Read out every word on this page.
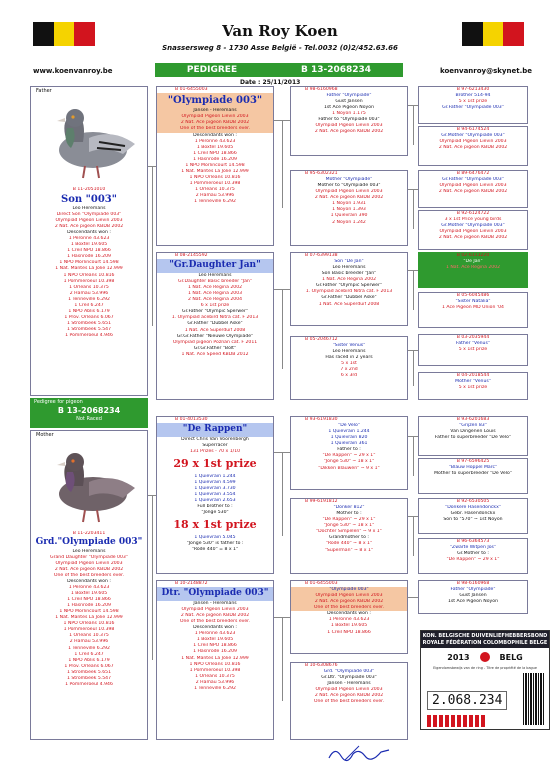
Van Roy Koen
Snassersweg 8 - 1730 Asse België - Tel.0032 (0)2/452.63.66
www.koenvanroy.be	koenvanroy@skynet.be
PEDIGREE	B 13-2068234
Date : 25/11/2013
Father
B 11-2051010
Son "003"
Leo Heremans
Direct Son "Olympiade 003"
Olympiad Pigeon Lievin 2003
2 Nat. Ace pigeon KBDB 2002
Descendants won :
1 Peronne 43.623
1 Boxtel 19.605
1 Creil NPO 18.866
1 Hasnrode 16.209
1 NPO Morlincourt 14.598
1 Nat. Mantes La Jolie 12.999
1 NPO Orleans 10.816
1 Pommeroeul 10.398
1 Orleans 10.375
2 Hamau 53.996
1 Tenneville 6.292
1 Creil 6.247
1 NPO Ablis 6.179
1 Prov. Orleans 6.067
1 Strombeek 5.651
1 Strombeek 5.547
1 Pommeroeul 4.946
Pedigree for pigeon
B 13-2068234
Not Raced
Mother
B 11-2203411
Grd."Olympiade 003"
Leo Heremans
Grand Daughter "Olympiade 003"
Olympiad Pigeon Lievin 2003
2 Nat. Ace pigeon KBDB 2002
One of the best breeders ever.
Descendants won :
1 Peronne 43.623
1 Boxtel 19.605
1 Creil NPO 18.866
1 Hasnrode 16.209
1 NPO Morlincourt 14.598
1 Nat. Mantes La Jolie 12.999
1 NPO Orleans 10.816
1 Pommeroeul 10.398
1 Orleans 10.375
2 Hamau 53.996
1 Tenneville 6.292
1 Creil 6.247
1 NPO Ablis 6.179
1 Prov. Orleans 6.067
1 Strombeek 5.651
1 Strombeek 5.547
1 Pommeroeul 4.946
B 01-6455003
"Olympiade 003"
Jansen - Heremans
Olympiad Pigeon Lievin 2003
2 Nat. Ace pigeon KBDB 2002
One of the best breeders ever.
Descendants won :
1 Peronne 43.623
1 Boxtel 19.605
1 Creil NPO 18.866
1 Hasnrode 16.209
1 NPO Morlincourt 14.598
1 Nat. Mantes La Jolie 12.999
1 NPO Orleans 10.816
1 Pommeroeul 10.398
1 Orleans 10.375
2 Hamau 53.996
1 Tenneville 6.292
B 08-2145592
"Gr.Daughter Jan"
Leo Heremans
Gr.Daughter Basic breeder "Jan"
1 Nat. Ace Regina 2002
1 Nat. Ace Regina 2003
2 Nat. Ace Regina 2004
6 x 1st prize
Gr.Father "Olympic Sperwer"
1. Olympiad acebird Nitra cat. F 2013
Gr.Father "Dubbel Aske"
1 Nat. Ace Superduif 2008
Gr.Gr.Father "Nieuwe Olympiade"
Olympiad pigeon Poznan cat. F 2011
Gr.Gr.Father "Bolt"
1 Nat. Ace Speed KBDB 2012
B 01-4013530
"De Rappen"
Direct Chris Van Voorenbergh
Superracer
131 Prizes - 70 x 1/10
29 x 1st prize
1 Quievrain 1.244
1 Quievrain 4.599
1 Quievrain 3.730
1 Quievrain 3.554
1 Quievrain 2.653
Full brother to :
"Jonge 530"
18 x 1st prize
1 Quievrain 5.045
"Jonge 530" is father to :
"Rode 440" = 8 x 1°
B 10-2148872
Dtr. "Olympiade 003"
Jansen - Heremans
Olympiad Pigeon Lievin 2003
2 Nat. Ace pigeon KBDB 2002
One of the best breeders ever.
Descendants won :
1 Peronne 43.623
1 Boxtel 19.605
1 Creil NPO 18.866
1 Hasnrode 16.209
1 Nat. Mantes La Jolie 12.999
1 NPO Orleans 10.816
1 Pommeroeul 10.398
1 Orleans 10.375
2 Hamau 53.996
1 Tenneville 6.292
B 98-6160968
Father "Olympiade"
Gust Jansen
1st Ace Pigeon Noyon
1 Noyon 1.175
Father to "Olympiade 003"
Olympiad Pigeon Lievin 2003
2 Nat. Ace pigeon KBDB 2002
B 95-6302321
Mother "Olympiade"
Mother to "Olympiade 003"
Olympiad Pigeon Lievin 2003
2 Nat. Ace pigeon KBDB 2002
1 Noyon 1.931
1 Noyon 1.393
1 Quievrain 390
2 Noyon 1.242
B 07-6399138
Son "De Jan"
Leo Heremans
Son Basic breeder "Jan"
1 Nat. Ace Regina 2002
Gr.Father "Olympic Sperwer"
1. Olympiad acebird Nitra cat. F 2013
Gr.Father "Dubbel Aske"
1 Nat. Ace Superduif 2008
B 05-2046712
"Sister Venus"
Leo Heremans
Has raced in 2 years
5 x 1st
7 x 2nd
6 x 3rd
B 93-6191830
"De Velo"
1 Quievrain 1.244
1 Quievrain 820
1 Quievrain 361
Father to :
"De Rappen" ~ 29 x 1°
"Jonge 530" ~ 18 x 1°
"Dikken Blauwen" ~ 9 x 1°
B 99-6191812
"Donker 812"
Mother to :
"De Rappen" ~ 29 x 1°
"Jonge 530" ~ 18 x 1°
"Dochter Simpelen" ~ 9 x 1°
Grandmother to :
"Rode 440" ~ 8 x 1°
"Superman" ~ 8 x 1°
B 01-6455003
"Olympiade 003"
Olympiad Pigeon Lievin 2003
2 Nat. Ace pigeon KBDB 2002
One of the best breeders ever.
Descendants won :
1 Peronne 43.623
1 Boxtel 19.605
1 Creil NPO 18.866
B 10-6308676
Grd. "Olympiade 003"
Gr.Dtr. "Olympiade 003"
Jansen - Heremans
Olympiad Pigeon Lievin 2003
2 Nat. Ace pigeon KBDB 2002
One of the best breeders ever.
B 97-6213430
Brother 514-94
5 x 1st prize
Gr.Father "Olympiade 003"
B 94-6174524
Gr.Mother "Olympiade 003"
Olympiad Pigeon Lievin 2003
2 Nat. Ace pigeon KBDB 2002
B 89-6476472
Gr.Father "Olympiade 003"
Olympiad Pigeon Lievin 2003
2 Nat. Ace pigeon KBDB 2002
B 92-6124722
3 x 1st Price young birds
Gr.Mother "Olympiade 003"
Olympiad Pigeon Lievin 2003
2 Nat. Ace pigeon KBDB 2002
B 02-6113220
"De Jan"
1 Nat. Ace Regina 2002
B 05-6045486
"Sister Natalia"
1 Ace Pigeon MD Union '04
B 03-2035944
Father "Venus"
5 x 1st prize
B 04-2018544
Mother "Venus"
5 x 1st prize
B 93-6201683
"Grijzen 83"
Van Dingenen Louis
Father to superbreeder "De Velo"
B 97-6596425
"Blauw Hoppel Marc"
Mother to superbreeder "De Velo"
B 92-6530505
"Donkere Hasendonckx"
Gebr. Hasendonckx
Son to "570" ~ 1st Noyon
B 96-6364573
"Zwarte Witpen Jos"
Gr.Mother to :
"De Rappen" ~ 29 x 1°
B 98-6160968
Father "Olympiade"
Gust Jansen
1st Ace Pigeon Noyon
KON. BELGISCHE DUIVENLIEFHEBBERSBOND
ROYALE FÉDÉRATION COLOMBOPHILE BELGE
2013	BELG
Eigendomsbewijs van de ring - Titre de propriété de la bague
2.068.234
